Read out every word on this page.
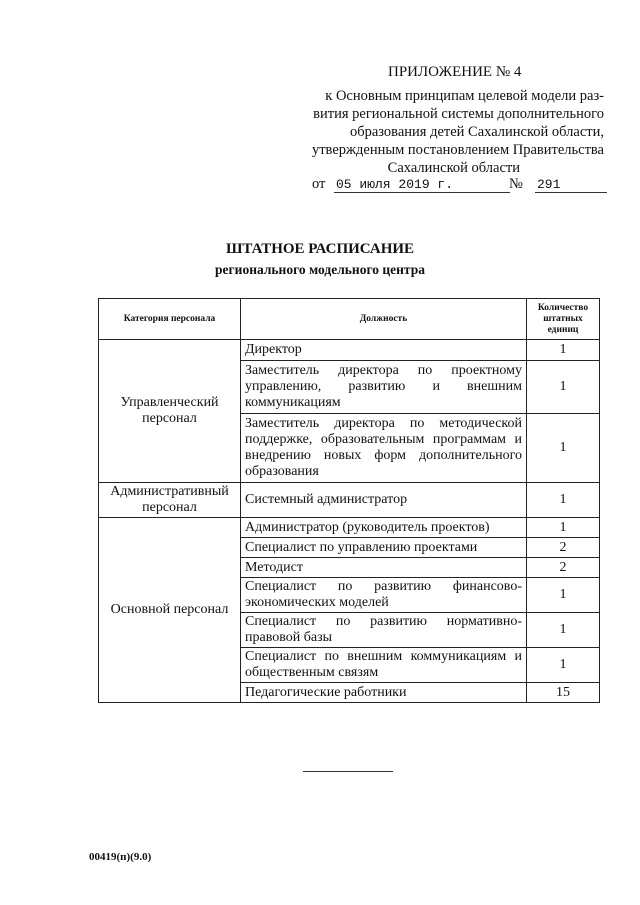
ПРИЛОЖЕНИЕ № 4
к Основным принципам целевой модели раз-
вития региональной системы дополнительного
образования детей Сахалинской области,
утвержденным постановлением Правительства
Сахалинской области
от 05 июля 2019 г.	№ 291
ШТАТНОЕ РАСПИСАНИЕ
регионального модельного центра
Категория персонала	Должность	Количество штатных единиц
Управленческий персонал	Директор	1
	Заместитель директора по проектному управлению, развитию и внешним коммуникациям	1
	Заместитель директора по методической поддержке, образовательным программам и внедрению новых форм дополнительного образования	1
Административный персонал	Системный администратор	1
Основной персонал	Администратор (руководитель проектов)	1
	Специалист по управлению проектами	2
	Методист	2
	Специалист по развитию финансово-экономических моделей	1
	Специалист по развитию нормативно-правовой базы	1
	Специалист по внешним коммуникациям и общественным связям	1
	Педагогические работники	15
00419(п)(9.0)
